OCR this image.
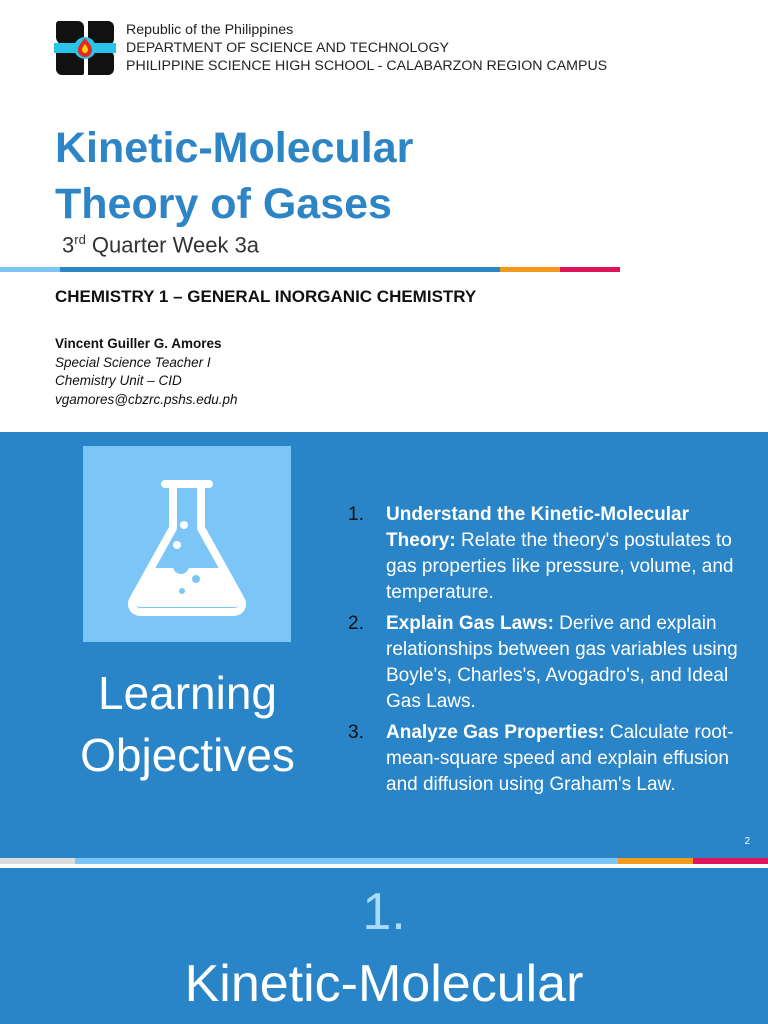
Republic of the Philippines
DEPARTMENT OF SCIENCE AND TECHNOLOGY
PHILIPPINE SCIENCE HIGH SCHOOL - CALABARZON REGION CAMPUS
Kinetic-Molecular
Theory of Gases
3rd Quarter Week 3a
CHEMISTRY 1 – GENERAL INORGANIC CHEMISTRY
Vincent Guiller G. Amores
Special Science Teacher I
Chemistry Unit – CID
vgamores@cbzrc.pshs.edu.ph
Learning
Objectives
1. Understand the Kinetic-Molecular Theory: Relate the theory's postulates to gas properties like pressure, volume, and temperature.
2. Explain Gas Laws: Derive and explain relationships between gas variables using Boyle's, Charles's, Avogadro's, and Ideal Gas Laws.
3. Analyze Gas Properties: Calculate root-mean-square speed and explain effusion and diffusion using Graham's Law.
2
1.
Kinetic-Molecular
